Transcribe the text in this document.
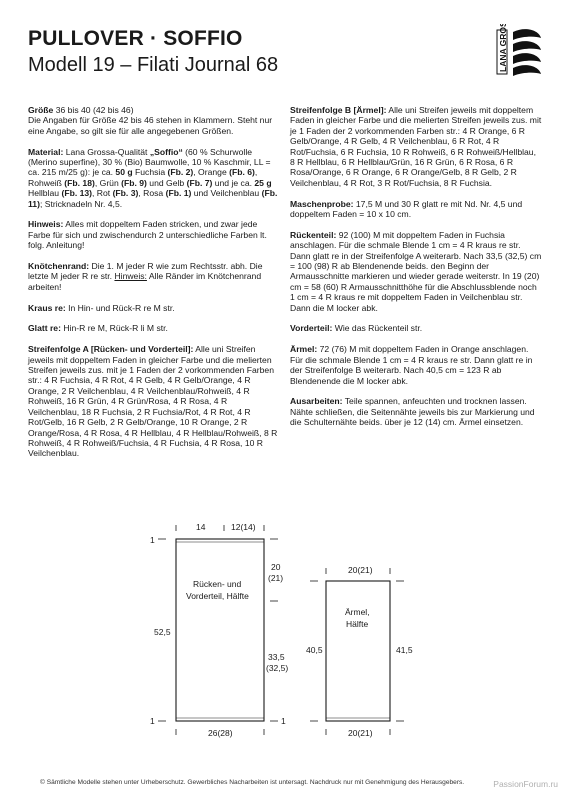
PULLOVER · SOFFIO
Modell 19 – Filati Journal 68	LANA GROSSA

Größe 36 bis 40 (42 bis 46)
Die Angaben für Größe 42 bis 46 stehen in Klammern. Steht nur eine Angabe, so gilt sie für alle angegebenen Größen.

Material: Lana Grossa-Qualität „Soffio“ (60 % Schurwolle (Merino superfine), 30 % (Bio) Baumwolle, 10 % Kaschmir, LL = ca. 215 m/25 g): je ca. 50 g Fuchsia (Fb. 2), Orange (Fb. 6), Rohweiß (Fb. 18), Grün (Fb. 9) und Gelb (Fb. 7) und je ca. 25 g Hellblau (Fb. 13), Rot (Fb. 3), Rosa (Fb. 1) und Veilchenblau (Fb. 11); Stricknadeln Nr. 4,5.

Hinweis: Alles mit doppeltem Faden stricken, und zwar jede Farbe für sich und zwischendurch 2 unterschiedliche Farben lt. folg. Anleitung!

Knötchenrand: Die 1. M jeder R wie zum Rechtsstr. abh. Die letzte M jeder R re str. Hinweis: Alle Ränder im Knötchenrand arbeiten!

Kraus re: In Hin- und Rück-R re M str.

Glatt re: Hin-R re M, Rück-R li M str.

Streifenfolge A [Rücken- und Vorderteil]: Alle uni Streifen jeweils mit doppeltem Faden in gleicher Farbe und die melierten Streifen jeweils zus. mit je 1 Faden der 2 vorkommenden Farben str.: 4 R Fuchsia, 4 R Rot, 4 R Gelb, 4 R Gelb/Orange, 4 R Orange, 2 R Veilchenblau, 4 R Veilchenblau/Rohweiß, 4 R Rohweiß, 16 R Grün, 4 R Grün/Rosa, 4 R Rosa, 4 R Veilchenblau, 18 R Fuchsia, 2 R Fuchsia/Rot, 4 R Rot, 4 R Rot/Gelb, 16 R Gelb, 2 R Gelb/Orange, 10 R Orange, 2 R Orange/Rosa, 4 R Rosa, 4 R Hellblau, 4 R Hellblau/Rohweiß, 8 R Rohweiß, 4 R Rohweiß/Fuchsia, 4 R Fuchsia, 4 R Rosa, 10 R Veilchenblau.

Streifenfolge B [Ärmel]: Alle uni Streifen jeweils mit doppeltem Faden in gleicher Farbe und die melierten Streifen jeweils zus. mit je 1 Faden der 2 vorkommenden Farben str.: 4 R Orange, 6 R Gelb/Orange, 4 R Gelb, 4 R Veilchenblau, 6 R Rot, 4 R Rot/Fuchsia, 6 R Fuchsia, 10 R Rohweiß, 6 R Rohweiß/Hellblau, 8 R Hellblau, 6 R Hellblau/Grün, 16 R Grün, 6 R Rosa, 6 R Rosa/Orange, 6 R Orange, 6 R Orange/Gelb, 8 R Gelb, 2 R Veilchenblau, 4 R Rot, 3 R Rot/Fuchsia, 8 R Fuchsia.

Maschenprobe: 17,5 M und 30 R glatt re mit Nd. Nr. 4,5 und doppeltem Faden = 10 x 10 cm.

Rückenteil: 92 (100) M mit doppeltem Faden in Fuchsia anschlagen. Für die schmale Blende 1 cm = 4 R kraus re str. Dann glatt re in der Streifenfolge A weiterarb. Nach 33,5 (32,5) cm = 100 (98) R ab Blendenende beids. den Beginn der Armausschnitte markieren und wieder gerade weiterstr. In 19 (20) cm = 58 (60) R Armausschnitthöhe für die Abschlussblende noch 1 cm = 4 R kraus re mit doppeltem Faden in Veilchenblau str. Dann die M locker abk.

Vorderteil: Wie das Rückenteil str.

Ärmel: 72 (76) M mit doppeltem Faden in Orange anschlagen. Für die schmale Blende 1 cm = 4 R kraus re str. Dann glatt re in der Streifenfolge B weiterarb. Nach 40,5 cm = 123 R ab Blendenende die M locker abk.

Ausarbeiten: Teile spannen, anfeuchten und trocknen lassen. Nähte schließen, die Seitennähte jeweils bis zur Markierung und die Schulternähte beids. über je 12 (14) cm. Ärmel einsetzen.

14	12(14)
52,5
20
(21)
33,5
(32,5)
26(28)
1
1	1
Rücken- und
Vorderteil, Hälfte
20(21)
40,5	41,5
20(21)
Ärmel,
Hälfte
© Sämtliche Modelle stehen unter Urheberschutz. Gewerbliches Nacharbeiten ist untersagt. Nachdruck nur mit Genehmigung des Herausgebers.	PassionForum.ru
